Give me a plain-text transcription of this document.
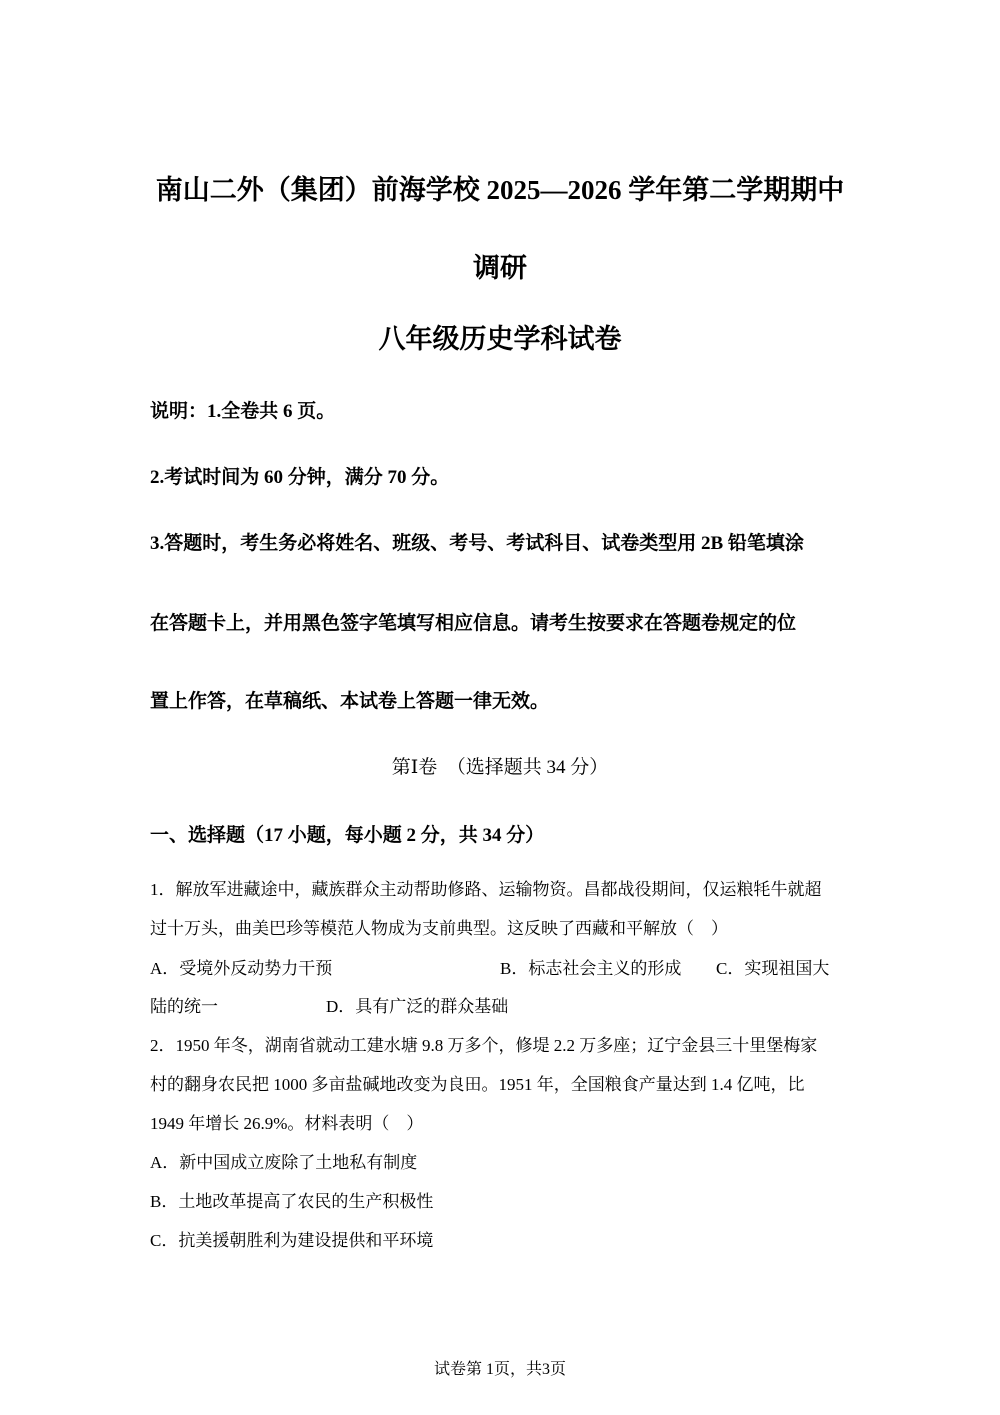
南山二外（集团）前海学校 2025—2026 学年第二学期期中
调研
八年级历史学科试卷
说明：1.全卷共 6 页。
2.考试时间为 60 分钟，满分 70 分。
3.答题时，考生务必将姓名、班级、考号、考试科目、试卷类型用 2B 铅笔填涂
在答题卡上，并用黑色签字笔填写相应信息。请考生按要求在答题卷规定的位
置上作答，在草稿纸、本试卷上答题一律无效。
第Ⅰ卷　（选择题共 34 分）
一、选择题（17 小题，每小题 2 分，共 34 分）
1．解放军进藏途中，藏族群众主动帮助修路、运输物资。昌都战役期间，仅运粮牦牛就超
过十万头，曲美巴珍等模范人物成为支前典型。这反映了西藏和平解放（　）
A．受境外反动势力干预	B．标志社会主义的形成 C．实现祖国大
陆的统一	D．具有广泛的群众基础
2．1950 年冬，湖南省就动工建水塘 9.8 万多个，修堤 2.2 万多座；辽宁金县三十里堡梅家
村的翻身农民把 1000 多亩盐碱地改变为良田。1951 年，全国粮食产量达到 1.4 亿吨，比
1949 年增长 26.9%。材料表明（　）
A．新中国成立废除了土地私有制度
B．土地改革提高了农民的生产积极性
C．抗美援朝胜利为建设提供和平环境
试卷第 1页，共3页
